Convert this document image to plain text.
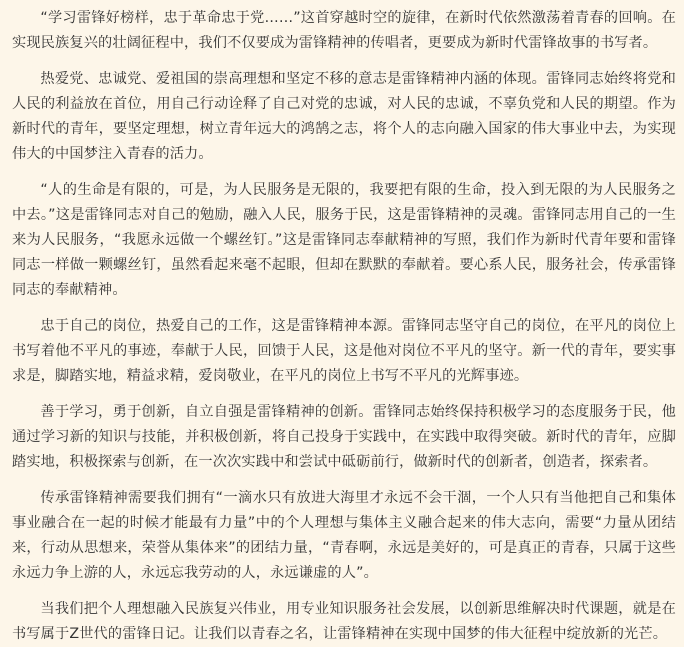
“学习雷锋好榜样，忠于革命忠于党……”这首穿越时空的旋律，在新时代依然激荡着青春的回响。在实现民族复兴的壮阔征程中，我们不仅要成为雷锋精神的传唱者，更要成为新时代雷锋故事的书写者。

热爱党、忠诚党、爱祖国的崇高理想和坚定不移的意志是雷锋精神内涵的体现。雷锋同志始终将党和人民的利益放在首位，用自己行动诠释了自己对党的忠诚，对人民的忠诚，不辜负党和人民的期望。作为新时代的青年，要坚定理想，树立青年远大的鸿鹄之志，将个人的志向融入国家的伟大事业中去，为实现伟大的中国梦注入青春的活力。

“人的生命是有限的，可是，为人民服务是无限的，我要把有限的生命，投入到无限的为人民服务之中去。”这是雷锋同志对自己的勉励，融入人民，服务于民，这是雷锋精神的灵魂。雷锋同志用自己的一生来为人民服务，“我愿永远做一个螺丝钉。”这是雷锋同志奉献精神的写照，我们作为新时代青年要和雷锋同志一样做一颗螺丝钉，虽然看起来毫不起眼，但却在默默的奉献着。要心系人民，服务社会，传承雷锋同志的奉献精神。

忠于自己的岗位，热爱自己的工作，这是雷锋精神本源。雷锋同志坚守自己的岗位，在平凡的岗位上书写着他不平凡的事迹，奉献于人民，回馈于人民，这是他对岗位不平凡的坚守。新一代的青年，要实事求是，脚踏实地，精益求精，爱岗敬业，在平凡的岗位上书写不平凡的光辉事迹。

善于学习，勇于创新，自立自强是雷锋精神的创新。雷锋同志始终保持积极学习的态度服务于民，他通过学习新的知识与技能，并积极创新，将自己投身于实践中，在实践中取得突破。新时代的青年，应脚踏实地，积极探索与创新，在一次次实践中和尝试中砥砺前行，做新时代的创新者，创造者，探索者。

传承雷锋精神需要我们拥有“一滴水只有放进大海里才永远不会干涸，一个人只有当他把自己和集体事业融合在一起的时候才能最有力量”中的个人理想与集体主义融合起来的伟大志向，需要“力量从团结来，行动从思想来，荣誉从集体来”的团结力量，“青春啊，永远是美好的，可是真正的青春，只属于这些永远力争上游的人，永远忘我劳动的人，永远谦虚的人”。

当我们把个人理想融入民族复兴伟业，用专业知识服务社会发展，以创新思维解决时代课题，就是在书写属于Z世代的雷锋日记。让我们以青春之名，让雷锋精神在实现中国梦的伟大征程中绽放新的光芒。
